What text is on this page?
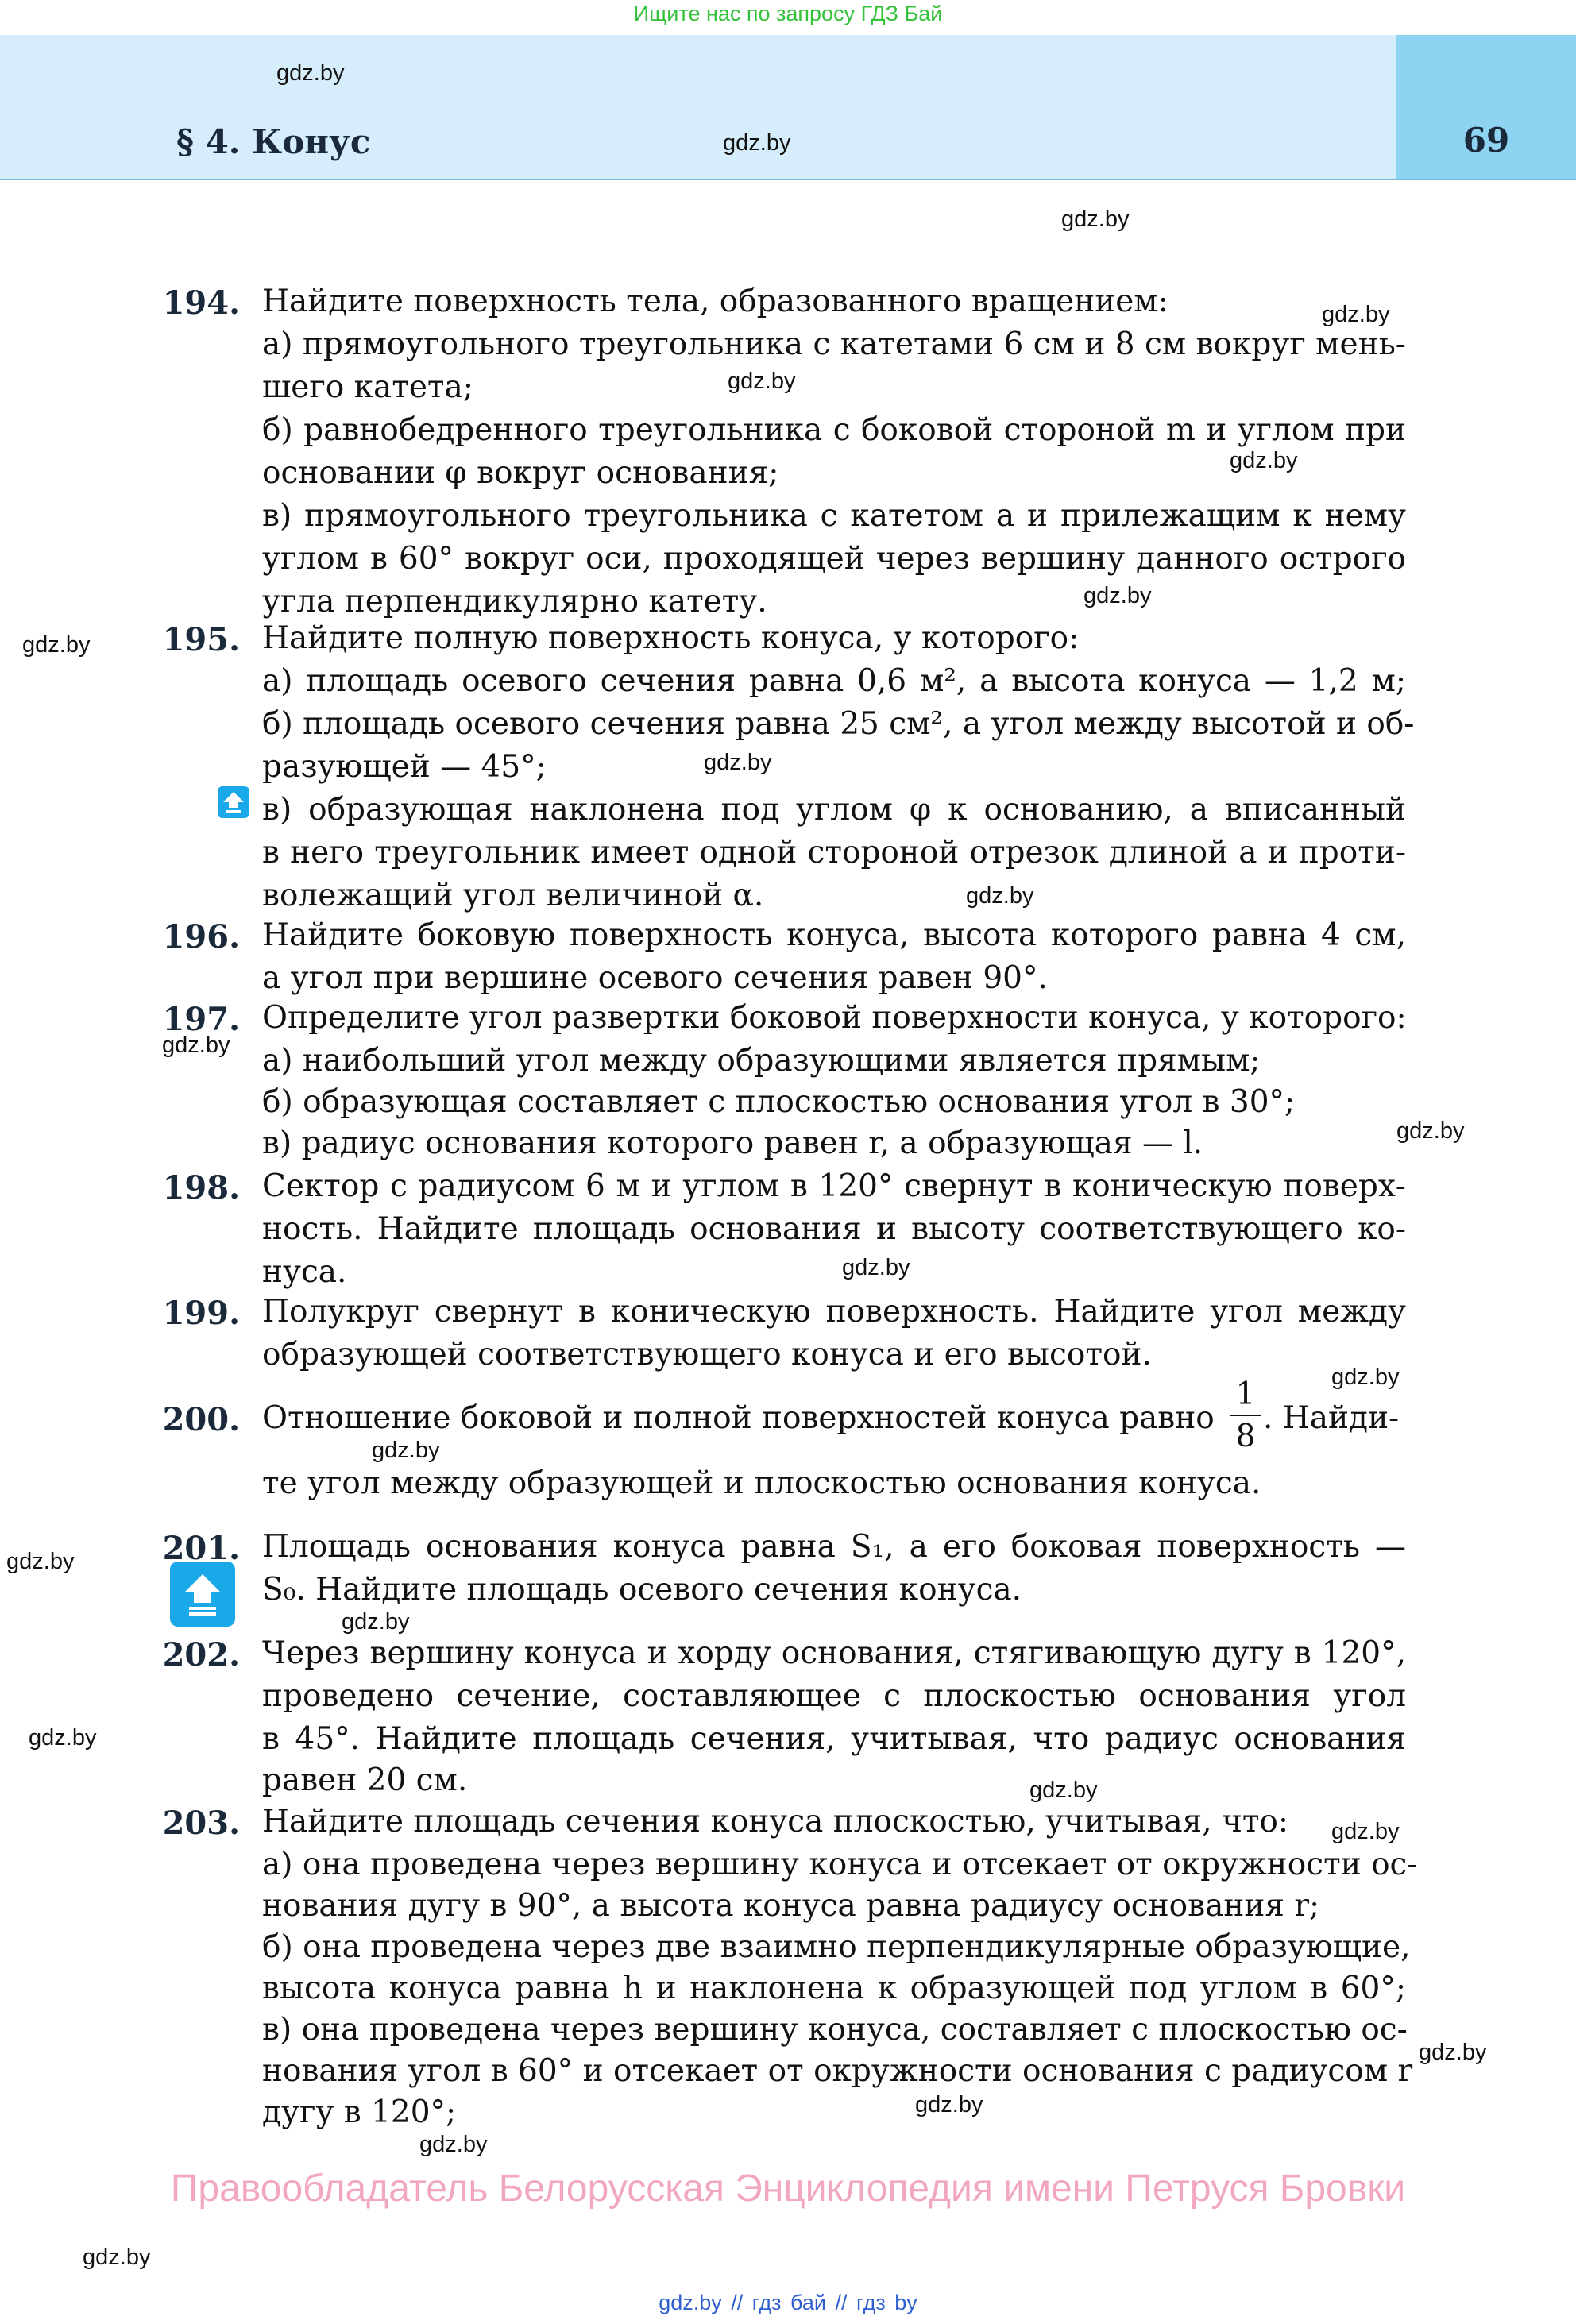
Ищите нас по запросу ГДЗ Бай
§ 4. Конус	69
gdz.by
gdz.by
gdz.by
gdz.by
gdz.by
gdz.by
gdz.by
gdz.by
gdz.by
gdz.by
gdz.by
gdz.by
gdz.by
gdz.by
gdz.by
gdz.by
gdz.by
gdz.by
gdz.by
gdz.by
gdz.by
gdz.by
gdz.by
gdz.by
194. Найдите поверхность тела, образованного вращением:
а) прямоугольного треугольника с катетами 6 см и 8 см вокруг мень-
шего катета;
б) равнобедренного треугольника с боковой стороной m и углом при
основании φ вокруг основания;
в) прямоугольного треугольника с катетом a и прилежащим к нему
углом в 60° вокруг оси, проходящей через вершину данного острого
угла перпендикулярно катету.
195. Найдите полную поверхность конуса, у которого:
а) площадь осевого сечения равна 0,6 м², а высота конуса — 1,2 м;
б) площадь осевого сечения равна 25 см², а угол между высотой и об-
разующей — 45°;
в) образующая наклонена под углом φ к основанию, а вписанный
в него треугольник имеет одной стороной отрезок длиной a и проти-
волежащий угол величиной α.
196. Найдите боковую поверхность конуса, высота которого равна 4 см,
а угол при вершине осевого сечения равен 90°.
197. Определите угол развертки боковой поверхности конуса, у которого:
а) наибольший угол между образующими является прямым;
б) образующая составляет с плоскостью основания угол в 30°;
в) радиус основания которого равен r, а образующая — l.
198. Сектор с радиусом 6 м и углом в 120° свернут в коническую поверх-
ность. Найдите площадь основания и высоту соответствующего ко-
нуса.
199. Полукруг свернут в коническую поверхность. Найдите угол между
образующей соответствующего конуса и его высотой.
200. Отношение боковой и полной поверхностей конуса равно
1
8
. Найди-
те угол между образующей и плоскостью основания конуса.
201. Площадь основания конуса равна S₁, а его боковая поверхность —
S₀. Найдите площадь осевого сечения конуса.
202. Через вершину конуса и хорду основания, стягивающую дугу в 120°,
проведено сечение, составляющее с плоскостью основания угол
в 45°. Найдите площадь сечения, учитывая, что радиус основания
равен 20 см.
203. Найдите площадь сечения конуса плоскостью, учитывая, что:
а) она проведена через вершину конуса и отсекает от окружности ос-
нования дугу в 90°, а высота конуса равна радиусу основания r;
б) она проведена через две взаимно перпендикулярные образующие,
высота конуса равна h и наклонена к образующей под углом в 60°;
в) она проведена через вершину конуса, составляет с плоскостью ос-
нования угол в 60° и отсекает от окружности основания с радиусом r
дугу в 120°;
Правообладатель Белорусская Энциклопедия имени Петруся Бровки
gdz.by // гдз бай // гдз by
